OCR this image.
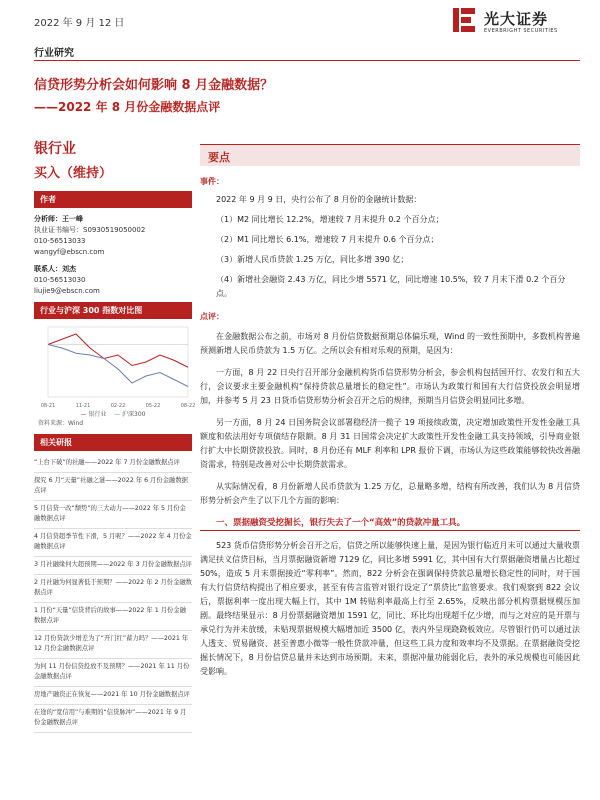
2022 年 9 月 12 日	光大证券
EVERBRIGHT SECURITIES
行业研究
信贷形势分析会如何影响 8 月金融数据？
——2022 年 8 月份金融数据点评
银行业
买入（维持）
作者
分析师：王一峰
执业证书编号：S0930519050002
010-56513033
wangyf@ebscn.com
联系人：刘杰
010-56513030
liujie9@ebscn.com
行业与沪深 300 指数对比图
08-21	11-21	02-22	05-22	08-22
— 银行业 — 沪深300
资料来源：Wind
相关研报
“上台下破”的社融——2022 年 7 月份金融数据点评
探究 6 月“天量”社融之谜——2022 年 6 月份金融数据点评
5 月信贷一改“颓势”的三大动力——2022 年 5 月份金融数据点评
4 月信贷超季节性下滑，5 月呢？——2022 年 4 月份金融数据点评
3 月社融缘何大超预期——2022 年 3 月份金融数据点评
2 月社融为何显著低于预期？——2022 年 2 月份金融数据点评
1 月份“天量”信贷背后的故事——2022 年 1 月份金融数据点评
12 月份贷款少增差为了“开门红”蓄力吗？——2021 年 12 月份金融数据点评
为何 11 月份信贷投放不及预期？——2021 年 11 月份金融数据点评
房地产融资正在恢复——2021 年 10 月份金融数据点评
在途的“宽信用”与难期的“信贷脉冲”——2021 年 9 月份金融数据点评
要点
事件：
2022 年 9 月 9 日，央行公布了 8 月份的金融统计数据：
（1）M2 同比增长 12.2%，增速较 7 月末提升 0.2 个百分点；
（2）M1 同比增长 6.1%，增速较 7 月末提升 0.6 个百分点；
（3）新增人民币贷款 1.25 万亿，同比多增 390 亿；
（4）新增社会融资 2.43 万亿，同比少增 5571 亿，同比增速 10.5%，较 7 月末下滑 0.2 个百分点。
点评：
在金融数据公布之前，市场对 8 月份信贷数据预期总体偏乐观，Wind 的一致性预期中，多数机构普遍预测新增人民币贷款为 1.5 万亿。之所以会有相对乐观的预期，是因为：
一方面，8 月 22 日央行召开部分金融机构货币信贷形势分析会，参会机构包括国开行、农发行和五大行，会议要求主要金融机构“保持贷款总量增长的稳定性”。市场认为政策行和国有大行信贷投放会明显增加，并参考 5 月 23 日货币信贷形势分析会召开之后的规律，预期当月信贷会明显同比多增。
另一方面，8 月 24 日国务院会议部署稳经济一揽子 19 项接续政策，决定增加政策性开发性金融工具额度和依法用好专项债结存限额。8 月 31 日国常会决定扩大政策性开发性金融工具支持领域，引导商业银行扩大中长期贷款投放。同时，8 月份还有 MLF 利率和 LPR 报价下调，市场认为这些政策能够较快改善融资需求，特别是改善对公中长期贷款需求。
从实际情况看，8 月份新增人民币贷款为 1.25 万亿，总量略多增，结构有所改善，我们认为 8 月信贷形势分析会产生了以下几个方面的影响：
一、票据融资受挖掘长，银行失去了一个“高效”的贷款冲量工具。
523 货币信贷形势分析会召开之后，信贷之所以能够快速上量，是因为银行临近月末可以通过大量收票满足扶义信贷目标，当月票据融资新增 7129 亿，同比多增 5991 亿，其中国有大行票据融资增量占比超过 50%，造成 5 月末票据接近“零利率”。然而，822 分析会在强调保持贷款总量增长稳定性的同时，对于国有大行信贷结构提出了相应要求，甚至有传言监管对银行设定了“票贷比”监管要求。我们观察到 822 会议后，票据利率一度出现大幅上行，其中 1M 转贴利率最高上行至 2.65%，反映出部分机构票据规模压加剧。最终结果显示：8 月份票据融资增加 1591 亿，同比、环比均出现超千亿少增，而与之对应的是开票与承兑行为并未放缓，未贴现票据规模大幅增加近 3500 亿，表内外呈现跷跷板效应。尽管银行仍可以通过法人透支、贸易融资、甚至普惠小微等一般性贷款冲量，但这些工具力度和效率均不及票据。在票据融资受挖掘长情况下，8 月份信贷总量并未达到市场预期。未来，票据冲量功能弱化后，表外的承兑规模也可能因此受影响。
